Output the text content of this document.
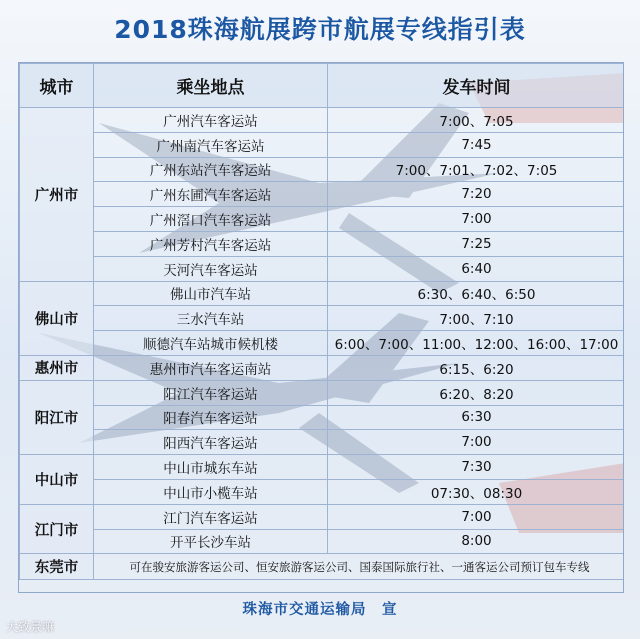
2018珠海航展跨市航展专线指引表
城市	乘坐地点	发车时间
广州市	广州汽车客运站	7:00、7:05
	广州南汽车客运站	7:45
	广州东站汽车客运站	7:00、7:01、7:02、7:05
	广州东圃汽车客运站	7:20
	广州滘口汽车客运站	7:00
	广州芳村汽车客运站	7:25
	天河汽车客运站	6:40
佛山市	佛山市汽车站	6:30、6:40、6:50
	三水汽车站	7:00、7:10
	顺德汽车站城市候机楼	6:00、7:00、11:00、12:00、16:00、17:00
惠州市	惠州市汽车客运南站	6:15、6:20
阳江市	阳江汽车客运站	6:20、8:20
	阳春汽车客运站	6:30
	阳西汽车客运站	7:00
中山市	中山市城东车站	7:30
	中山市小榄车站	07:30、08:30
江门市	江门汽车客运站	7:00
	开平长沙车站	8:00
东莞市	可在骏安旅游客运公司、恒安旅游客运公司、国泰国际旅行社、一通客运公司预订包车专线	
珠海市交通运输局　宣
大致景嘛
